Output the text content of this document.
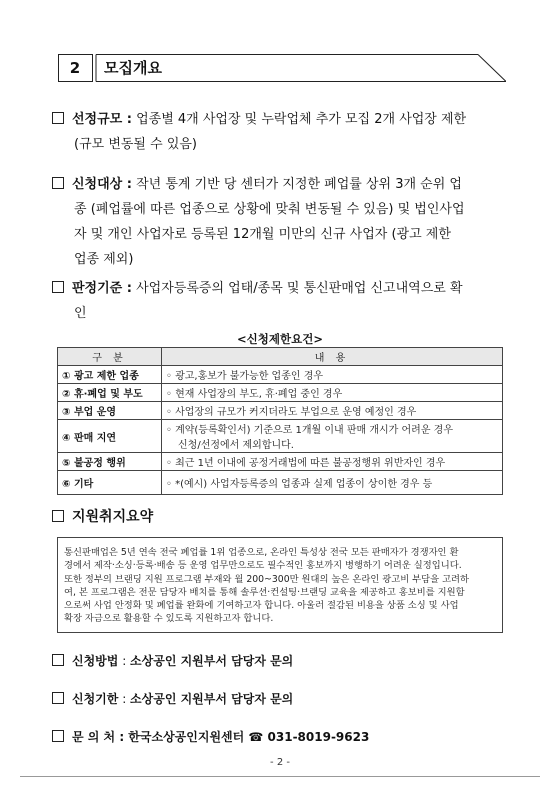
2	모집개요
선정규모 : 업종별 4개 사업장 및 누락업체 추가 모집 2개 사업장 제한
(규모 변동될 수 있음)
신청대상 : 작년 통계 기반 당 센터가 지정한 폐업률 상위 3개 순위 업
종 (폐업률에 따른 업종으로 상황에 맞춰 변동될 수 있음) 및 법인사업
자 및 개인 사업자로 등록된 12개월 미만의 신규 사업자 (광고 제한
업종 제외)
판정기준 : 사업자등록증의 업태/종목 및 통신판매업 신고내역으로 확
인
<신청제한요건>
구 분	내 용
① 광고 제한 업종	◦ 광고,홍보가 불가능한 업종인 경우
② 휴·폐업 및 부도	◦ 현재 사업장의 부도, 휴·폐업 중인 경우
③ 부업 운영	◦ 사업장의 규모가 커지더라도 부업으로 운영 예정인 경우
④ 판매 지연	◦ 계약(등록확인서) 기준으로 1개월 이내 판매 개시가 어려운 경우
신청/선정에서 제외합니다.

⑤ 불공정 행위	◦ 최근 1년 이내에 공정거래법에 따른 불공정행위 위반자인 경우
⑥ 기타	◦ *(예시) 사업자등록증의 업종과 실제 업종이 상이한 경우 등
지원취지요약
통신판매업은 5년 연속 전국 폐업률 1위 업종으로, 온라인 특성상 전국 모든 판매자가 경쟁자인 환
경에서 제작·소싱·등록·배송 등 운영 업무만으로도 필수적인 홍보까지 병행하기 어려운 실정입니다.
또한 정부의 브랜딩 지원 프로그램 부재와 월 200~300만 원대의 높은 온라인 광고비 부담을 고려하
여, 본 프로그램은 전문 담당자 배치를 통해 솔루션·컨설팅·브랜딩 교육을 제공하고 홍보비를 지원함
으로써 사업 안정화 및 폐업률 완화에 기여하고자 합니다. 아울러 절감된 비용을 상품 소싱 및 사업
확장 자금으로 활용할 수 있도록 지원하고자 합니다.
신청방법 : 소상공인 지원부서 담당자 문의
신청기한 : 소상공인 지원부서 담당자 문의
문 의 처 : 한국소상공인지원센터 ☎ 031-8019-9623
- 2 -
